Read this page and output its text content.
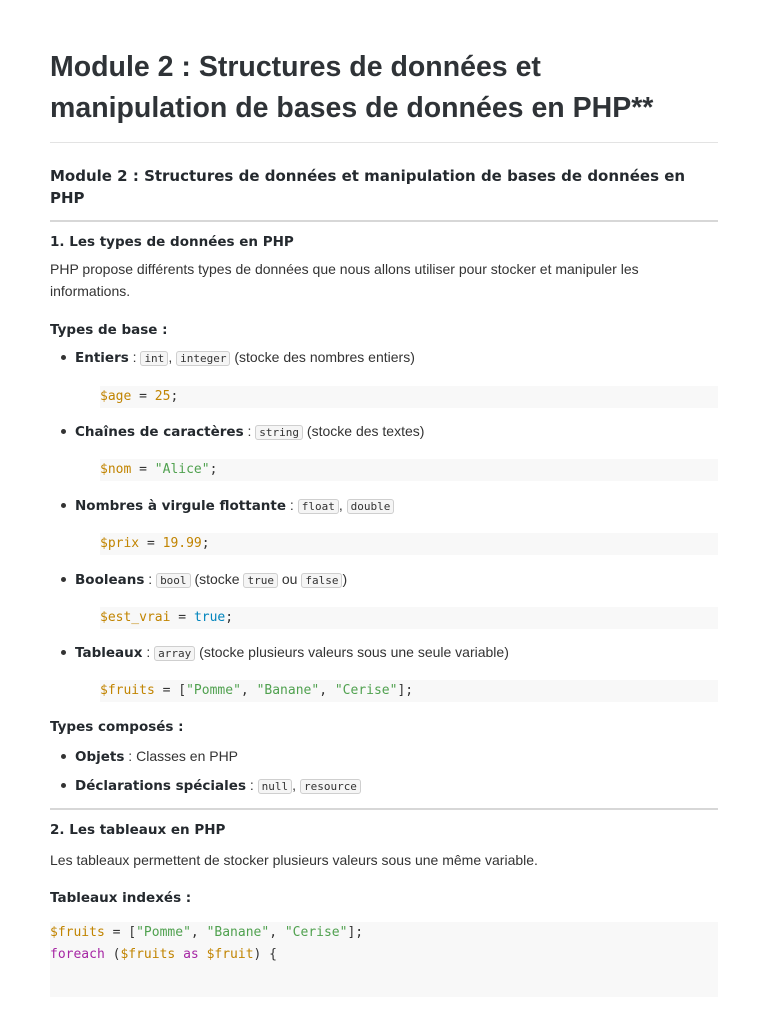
Module 2 : Structures de données et manipulation de bases de données en PHP**
Module 2 : Structures de données et manipulation de bases de données en PHP
1. Les types de données en PHP

PHP propose différents types de données que nous allons utiliser pour stocker et manipuler les informations.

Types de base :
Entiers : int , integer (stocke des nombres entiers)
$age = 25;
Chaînes de caractères : string (stocke des textes)
$nom = "Alice";
Nombres à virgule flottante : float , double
$prix = 19.99;
Booleans : bool (stocke true ou false )
$est_vrai = true;
Tableaux : array (stocke plusieurs valeurs sous une seule variable)
$fruits = ["Pomme", "Banane", "Cerise"];
Types composés :
Objets : Classes en PHP
Déclarations spéciales : null , resource
2. Les tableaux en PHP

Les tableaux permettent de stocker plusieurs valeurs sous une même variable.

Tableaux indexés :
$fruits = ["Pomme", "Banane", "Cerise"];
foreach ($fruits as $fruit) {
